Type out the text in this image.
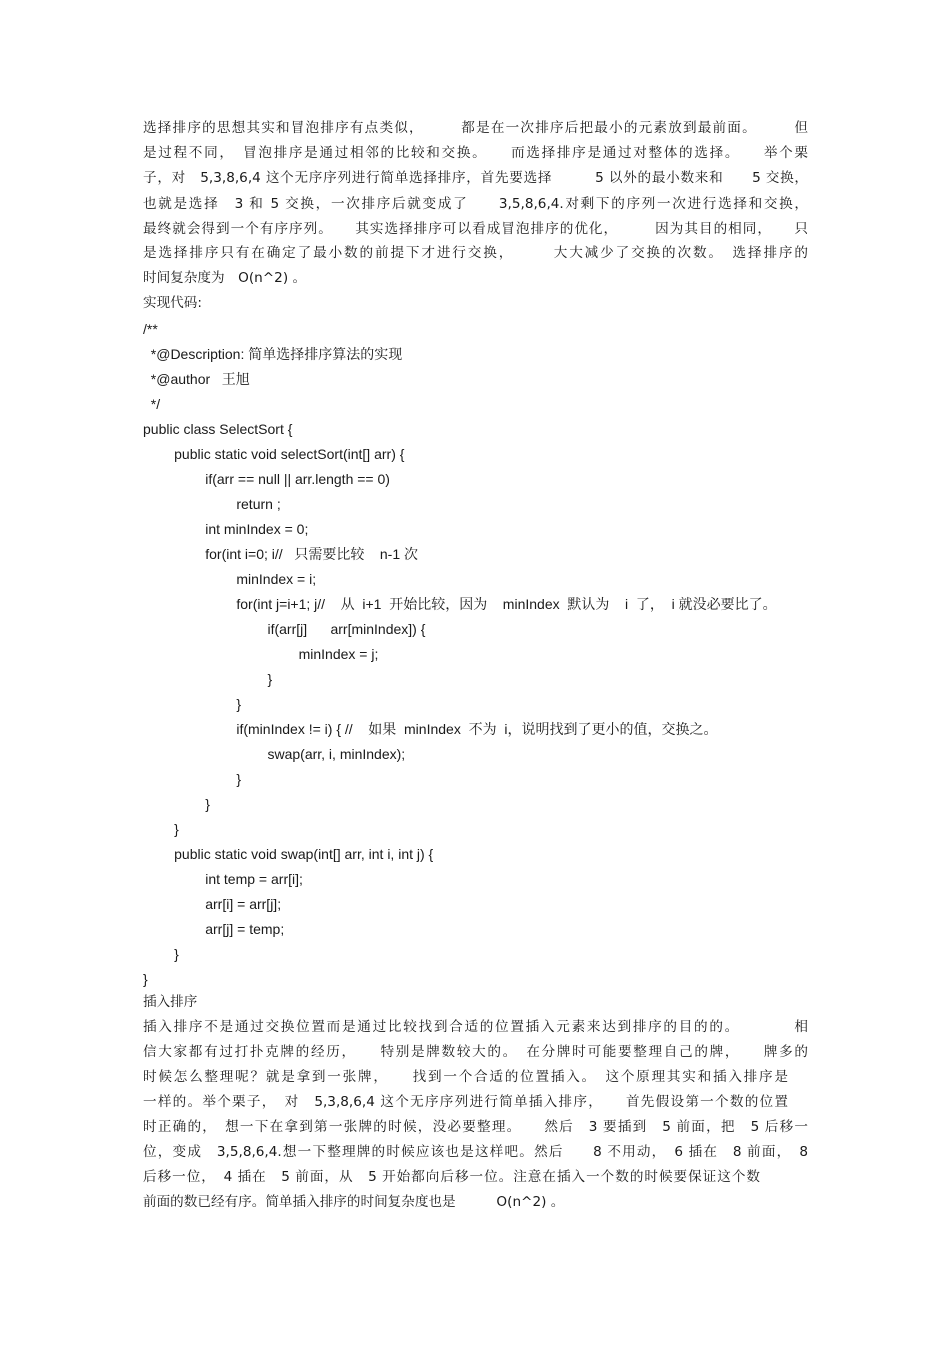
选择排序的思想其实和冒泡排序有点类似，　　　都是在一次排序后把最小的元素放到最前面。　　　但
是过程不同，　冒泡排序是通过相邻的比较和交换。　　而选择排序是通过对整体的选择。　　举个栗
子，对　5,3,8,6,4 这个无序序列进行简单选择排序，首先要选择　　　5 以外的最小数来和　　5 交换，
也就是选择　3 和 5 交换，一次排序后就变成了　　3,5,8,6,4.对剩下的序列一次进行选择和交换，
最终就会得到一个有序序列。　　其实选择排序可以看成冒泡排序的优化，　　　因为其目的相同，　　只
是选择排序只有在确定了最小数的前提下才进行交换，　　　大大减少了交换的次数。　选择排序的
时间复杂度为　O(n^2) 。
实现代码:
/**
*@Description: 简单选择排序算法的实现
*@author   王旭
*/
public class SelectSort {
public static void selectSort(int[] arr) {
if(arr == null || arr.length == 0)
return ;
int minIndex = 0;
for(int i=0; i//   只需要比较    n-1 次
minIndex = i;
for(int j=i+1; j//    从  i+1  开始比较，因为    minIndex  默认为    i  了，  i 就没必要比了。
if(arr[j]      arr[minIndex]) {
minIndex = j;
}
}
if(minIndex != i) { //    如果  minIndex  不为  i，说明找到了更小的值，交换之。
swap(arr, i, minIndex);
}
}
}
public static void swap(int[] arr, int i, int j) {
int temp = arr[i];
arr[i] = arr[j];
arr[j] = temp;
}
}
插入排序
插入排序不是通过交换位置而是通过比较找到合适的位置插入元素来达到排序的目的的。　　　　相
信大家都有过打扑克牌的经历，　　特别是牌数较大的。　在分牌时可能要整理自己的牌，　　牌多的
时候怎么整理呢？就是拿到一张牌，　　找到一个合适的位置插入。　这个原理其实和插入排序是
一样的。举个栗子，　对　5,3,8,6,4 这个无序序列进行简单插入排序，　　首先假设第一个数的位置
时正确的，　想一下在拿到第一张牌的时候，没必要整理。　　然后　3 要插到　5 前面，把　5 后移一
位，变成　3,5,8,6,4.想一下整理牌的时候应该也是这样吧。然后　　8 不用动，　6 插在　8 前面，　8
后移一位，　4 插在　5 前面，从　5 开始都向后移一位。注意在插入一个数的时候要保证这个数
前面的数已经有序。简单插入排序的时间复杂度也是　　　O(n^2) 。
